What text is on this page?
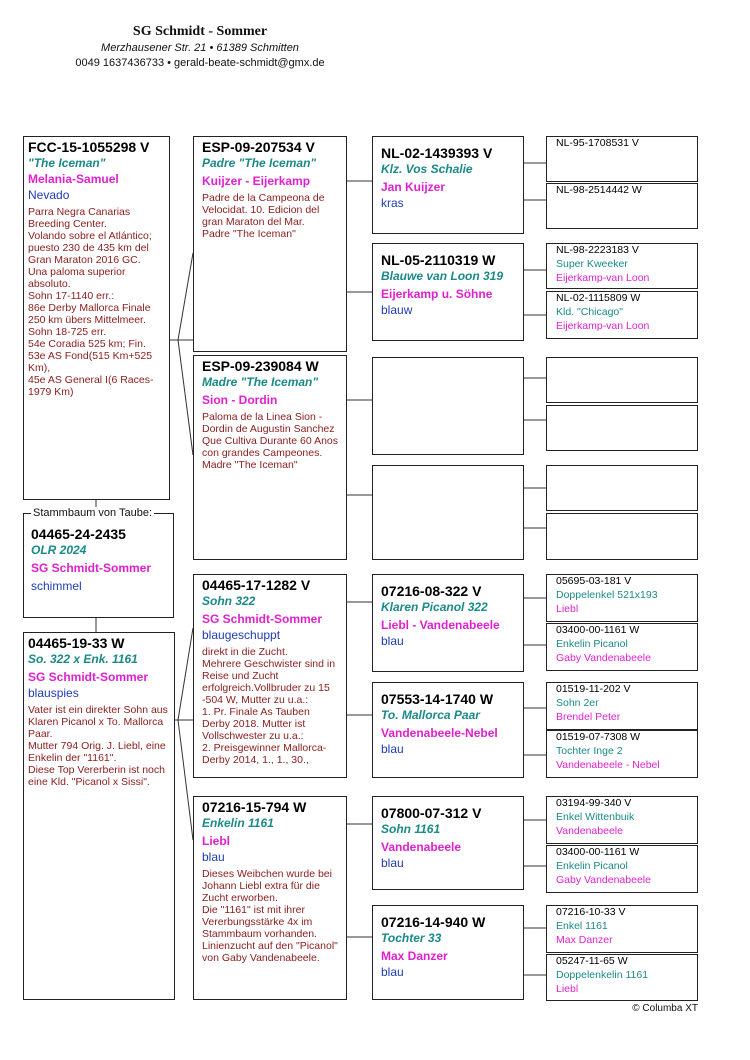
SG Schmidt - Sommer
Merzhausener Str. 21 • 61389 Schmitten
0049 1637436733 • gerald-beate-schmidt@gmx.de
FCC-15-1055298 V
"The Iceman"
Melania-Samuel
Nevado
Parra Negra Canarias Breeding Center.
Volando sobre el Atlántico; puesto 230 de 435 km del Gran Maraton 2016 GC.
Una paloma superior absoluto.
Sohn 17-1140 err.:
86e Derby Mallorca Finale 250 km übers Mittelmeer.
Sohn 18-725 err.
54e Coradia 525 km; Fin.
53e AS Fond(515 Km+525 Km),
45e AS General I(6 Races-1979 Km)
04465-24-2435
OLR 2024
SG Schmidt-Sommer
schimmel
Stammbaum von Taube:
04465-19-33 W
So. 322 x Enk. 1161
SG Schmidt-Sommer
blauspies
Vater ist ein direkter Sohn aus Klaren Picanol x To. Mallorca Paar.
Mutter 794 Orig. J. Liebl, eine Enkelin der "1161".
Diese Top Vererberin ist noch eine Kld. "Picanol x Sissi".
ESP-09-207534 V
Padre "The Iceman"
Kuijzer - Eijerkamp
Padre de la Campeona de Velocidat. 10. Edicion del gran Maraton del Mar.
Padre "The Iceman"
ESP-09-239084 W
Madre "The Iceman"
Sion - Dordin
Paloma de la Linea Sion - Dordin de Augustin Sanchez Que Cultiva Durante 60 Anos con grandes Campeones.
Madre "The Iceman"
04465-17-1282 V
Sohn 322
SG Schmidt-Sommer
blaugeschuppt
direkt in die Zucht.
Mehrere Geschwister sind in Reise und Zucht erfolgreich.Vollbruder zu 15 -504 W, Mutter zu u.a.:
1. Pr. Finale As Tauben Derby 2018. Mutter ist Vollschwester zu u.a.:
2. Preisgewinner Mallorca-Derby 2014, 1., 1., 30.,
07216-15-794 W
Enkelin 1161
Liebl
blau
Dieses Weibchen wurde bei Johann Liebl extra für die Zucht erworben.
Die "1161" ist mit ihrer Vererbungsstärke 4x im Stammbaum vorhanden. Linienzucht auf den "Picanol" von Gaby Vandenabeele.
NL-02-1439393 V
Klz. Vos Schalie
Jan Kuijzer
kras
NL-05-2110319 W
Blauwe van Loon 319
Eijerkamp u. Söhne
blauw
07216-08-322 V
Klaren Picanol 322
Liebl - Vandenabeele
blau
07553-14-1740 W
To. Mallorca Paar
Vandenabeele-Nebel
blau
07800-07-312 V
Sohn 1161
Vandenabeele
blau
07216-14-940 W
Tochter 33
Max Danzer
blau
NL-95-1708531 V
NL-98-2514442 W
NL-98-2223183 V
Super Kweeker
Eijerkamp-van Loon
NL-02-1115809 W
Kld. "Chicago"
Eijerkamp-van Loon
05695-03-181 V
Doppelenkel 521x193
Liebl
03400-00-1161 W
Enkelin Picanol
Gaby Vandenabeele
01519-11-202 V
Sohn 2er
Brendel Peter
01519-07-7308 W
Tochter Inge 2
Vandenabeele - Nebel
03194-99-340 V
Enkel Wittenbuik
Vandenabeele
03400-00-1161 W
Enkelin Picanol
Gaby Vandenabeele
07216-10-33 V
Enkel 1161
Max Danzer
05247-11-65 W
Doppelenkelin 1161
Liebl
© Columba XT
